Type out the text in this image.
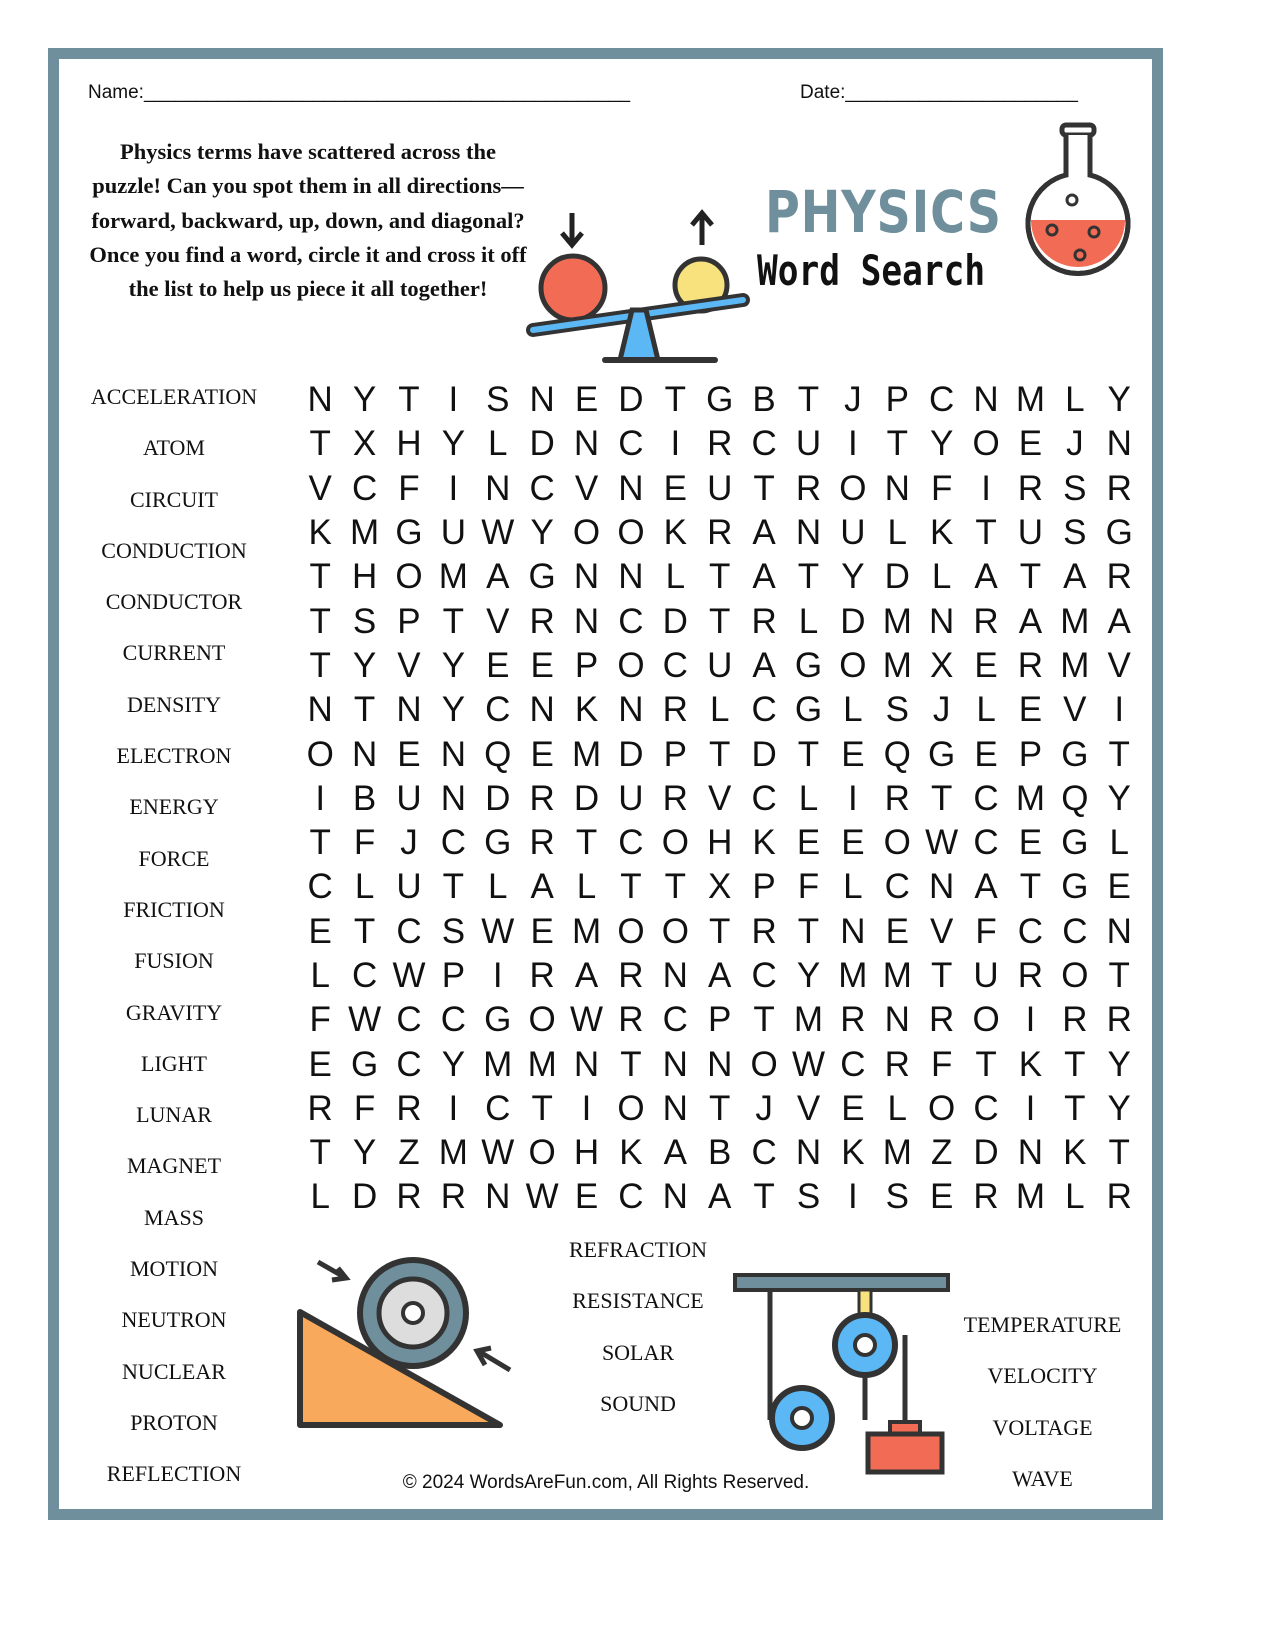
Name:______________________________________________	Date:______________________
Physics terms have scattered across the puzzle! Can you spot them in all directions—forward, backward, up, down, and diagonal? Once you find a word, circle it and cross it off the list to help us piece it all together!
PHYSICS
Word Search
N Y T I S N E D T G B T J P C N M L Y
T X H Y L D N C I R C U I T Y O E J N
V C F I N C V N E U T R O N F I R S R
K M G U W Y O O K R A N U L K T U S G
T H O M A G N N L T A T Y D L A T A R
T S P T V R N C D T R L D M N R A M A
T Y V Y E E P O C U A G O M X E R M V
N T N Y C N K N R L C G L S J L E V I
O N E N Q E M D P T D T E Q G E P G T
I B U N D R D U R V C L I R T C M Q Y
T F J C G R T C O H K E E O W C E G L
C L U T L A L T T X P F L C N A T G E
E T C S W E M O O T R T N E V F C C N
L C W P I R A R N A C Y M M T U R O T
F W C C G O W R C P T M R N R O I R R
E G C Y M M N T N N O W C R F T K T Y
R F R I C T I O N T J V E L O C I T Y
T Y Z M W O H K A B C N K M Z D N K T
L D R R N W E C N A T S I S E R M L R
ACCELERATION
ATOM
CIRCUIT
CONDUCTION
CONDUCTOR
CURRENT
DENSITY
ELECTRON
ENERGY
FORCE
FRICTION
FUSION
GRAVITY
LIGHT
LUNAR
MAGNET
MASS
MOTION
NEUTRON
NUCLEAR
PROTON
REFLECTION
REFRACTION
RESISTANCE
SOLAR
SOUND
TEMPERATURE
VELOCITY
VOLTAGE
WAVE
© 2024 WordsAreFun.com, All Rights Reserved.
